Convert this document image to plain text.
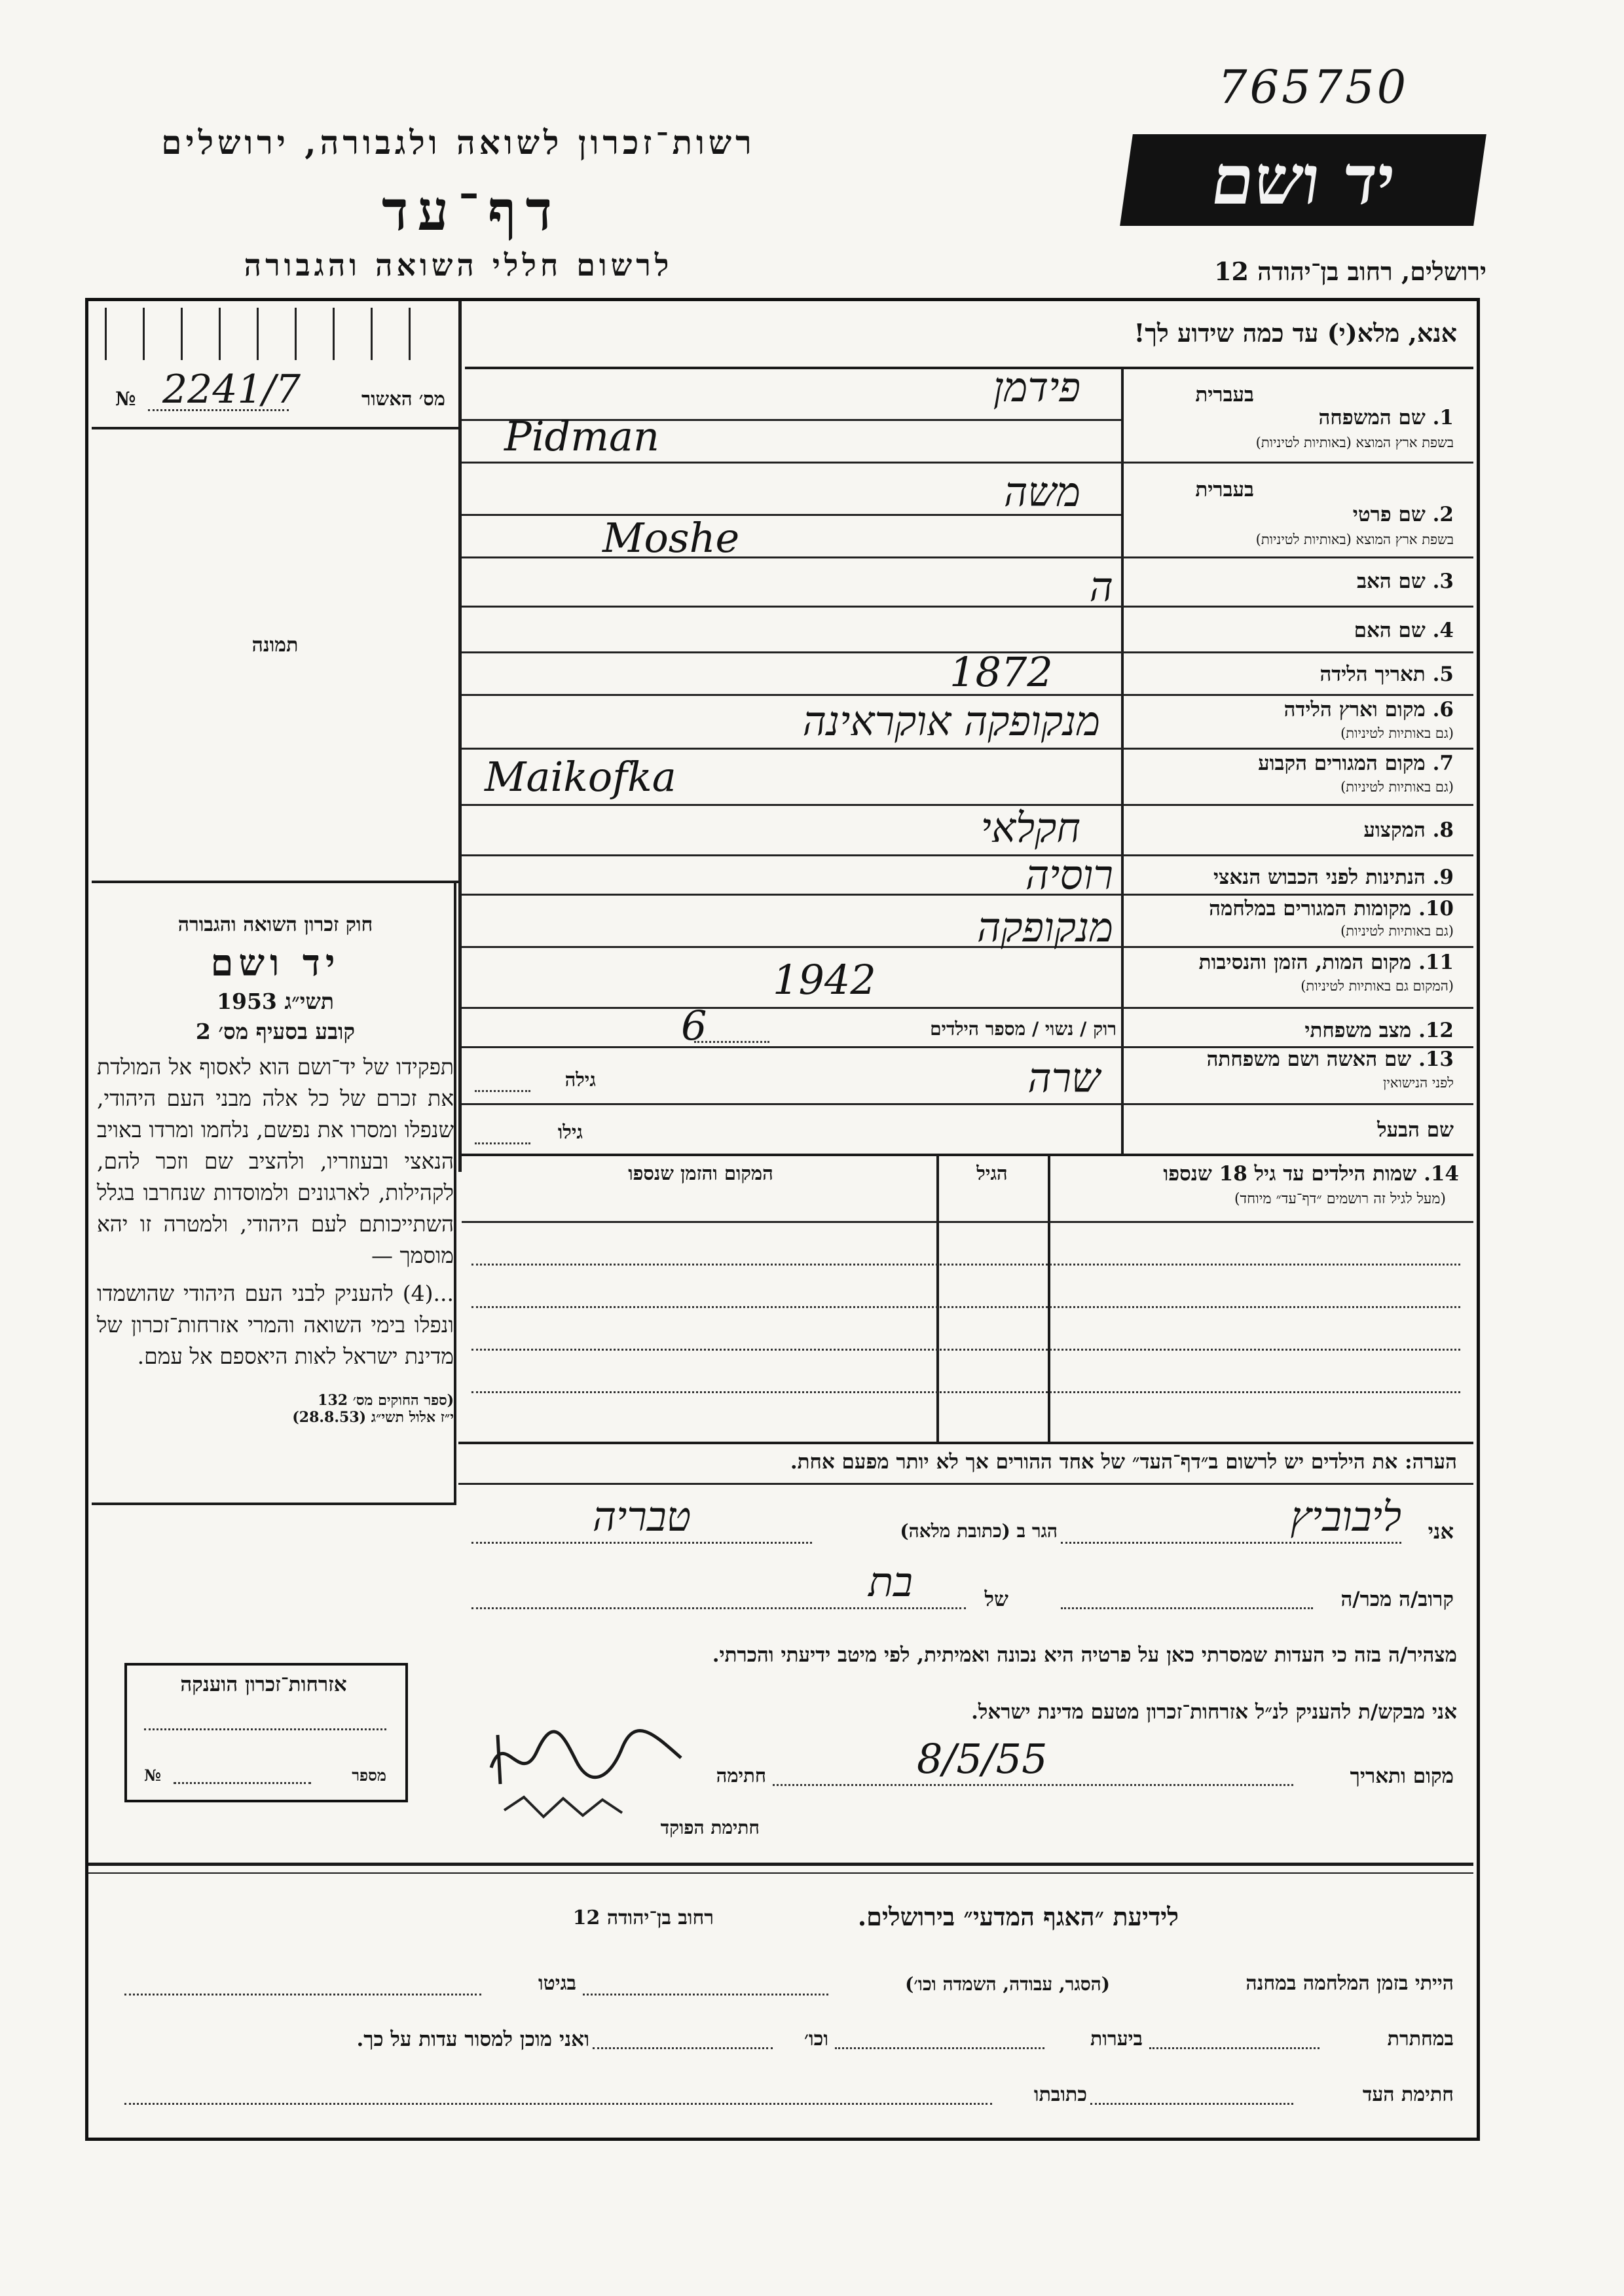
765750
רשות־זכרון לשואה ולגבורה, ירושלים
דף־עד
לרשום חללי השואה והגבורה
יד ושם
ירושלים, רחוב בן־יהודה 12
אנא, מלא(י) עד כמה שידוע לך!
מס׳ האשור
№ 2241/7
תמונה
חוק זכרון השואה והגבורה
יד ושם
תשי״ג 1953
קובע בסעיף מס׳ 2
תפקידו של יד־ושם הוא לאסוף אל המולדת את זכרם של כל אלה מבני העם היהודי, שנפלו ומסרו את נפשם, נלחמו ומרדו באויב הנאצי ובעוזריו, ולהציב שם וזכר להם, לקהילות, לארגונים ולמוסדות שנחרבו בגלל השתייכותם לעם היהודי, ולמטרה זו יהא מוסמך —
...(4) להעניק לבני העם היהודי שהושמדו ונפלו בימי השואה והמרי אזרחות־זכרון של מדינת ישראל לאות היאספם אל עמם.
(ספר החוקים מס׳ 132
י״ז אלול תשי״ג (28.8.53)
בעברית
1. שם המשפחה
בשפת ארץ המוצא (באותיות לטיניות)
בעברית
2. שם פרטי
בשפת ארץ המוצא (באותיות לטיניות)
3. שם האב
4. שם האם
5. תאריך הלידה
6. מקום וארץ הלידה
(גם באותיות לטיניות)
7. מקום המגורים הקבוע
(גם באותיות לטיניות)
8. המקצוע
9. הנתינות לפני הכבוש הנאצי
10. מקומות המגורים במלחמה
(גם באותיות לטיניות)
11. מקום המות, הזמן והנסיבות
(המקום גם באותיות לטיניות)
12. מצב משפחתי
13. שם האשה ושם משפחתה
לפני הנישואין
שם הבעל
פידמן
Pidman
משה
Moshe
ה
1872
מנקופקה אוקראינה
Maikofka
חקלאי
רוסיה
מנקופקה
1942
רוק / נשוי / מספר הילדים
6
גילה	שרה
גילו
14. שמות הילדים עד גיל 18 שנספו
(מעל לגיל זה רושמים ״דף־עד״ מיוחד)
הגיל
המקום והזמן שנספו
הערה: את הילדים יש לרשום ב״דף־העד״ של אחד ההורים אך לא יותר מפעם אחת.
אני
ליבוביץ
הגר ב (כתובת מלאה)
טבריה
קרוב/ה מכר/ה
של
בת
מצהיר/ה בזה כי העדות שמסרתי כאן על פרטיה היא נכונה ואמיתית, לפי מיטב ידיעתי והכרתי.
אני מבקש/ת להעניק לנ״ל אזרחות־זכרון מטעם מדינת ישראל.
מקום ותאריך
8/5/55
חתימה
חתימת הפוקד
אזרחות־זכרון הוענקה
מספר
№
לידיעת ״האגף המדעי״ בירושלים.
רחוב בן־יהודה 12
הייתי בזמן המלחמה במחנה
(הסגר, עבודה, השמדה וכו׳)
בגיטו
במחתרת
ביערות
וכו׳
ואני מוכן למסור עדות על כך.
חתימת העד
כתובתו
